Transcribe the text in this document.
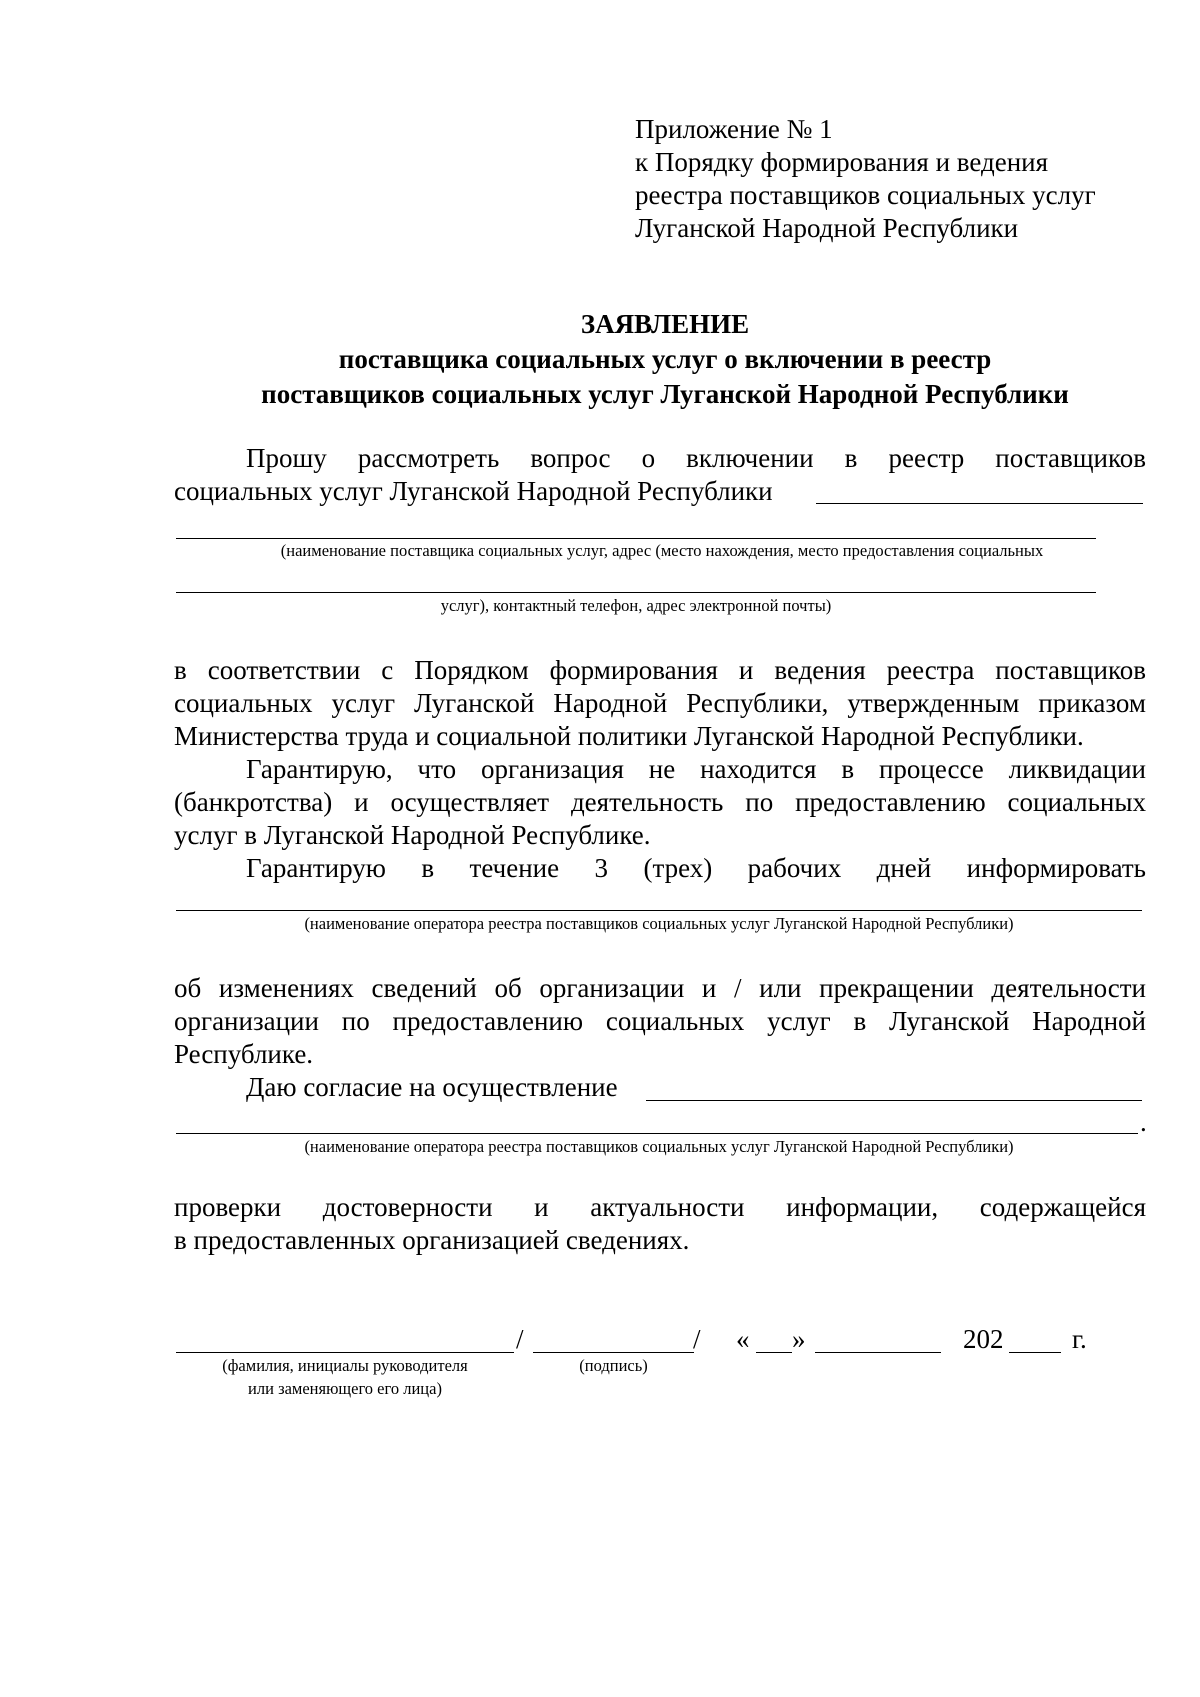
Приложение № 1
к Порядку формирования и ведения
реестра поставщиков социальных услуг
Луганской Народной Республики
ЗАЯВЛЕНИЕ
поставщика социальных услуг о включении в реестр
поставщиков социальных услуг Луганской Народной Республики
Прошу рассмотреть вопрос о включении в реестр поставщиков
социальных услуг Луганской Народной Республики
(наименование поставщика социальных услуг, адрес (место нахождения, место предоставления социальных
услуг), контактный телефон, адрес электронной почты)
в соответствии с Порядком формирования и ведения реестра поставщиков
социальных услуг Луганской Народной Республики, утвержденным приказом
Министерства труда и социальной политики Луганской Народной Республики.
Гарантирую, что организация не находится в процессе ликвидации
(банкротства) и осуществляет деятельность по предоставлению социальных
услуг в Луганской Народной Республике.
Гарантирую в течение 3 (трех) рабочих дней информировать
(наименование оператора реестра поставщиков социальных услуг Луганской Народной Республики)
об изменениях сведений об организации и / или прекращении деятельности
организации по предоставлению социальных услуг в Луганской Народной
Республике.
Даю согласие на осуществление
.
(наименование оператора реестра поставщиков социальных услуг Луганской Народной Республики)
проверки достоверности и актуальности информации, содержащейся
в предоставленных организацией сведениях.
/	/ « »	202	г.
(фамилия, инициалы руководителя
или заменяющего его лица)
(подпись)
